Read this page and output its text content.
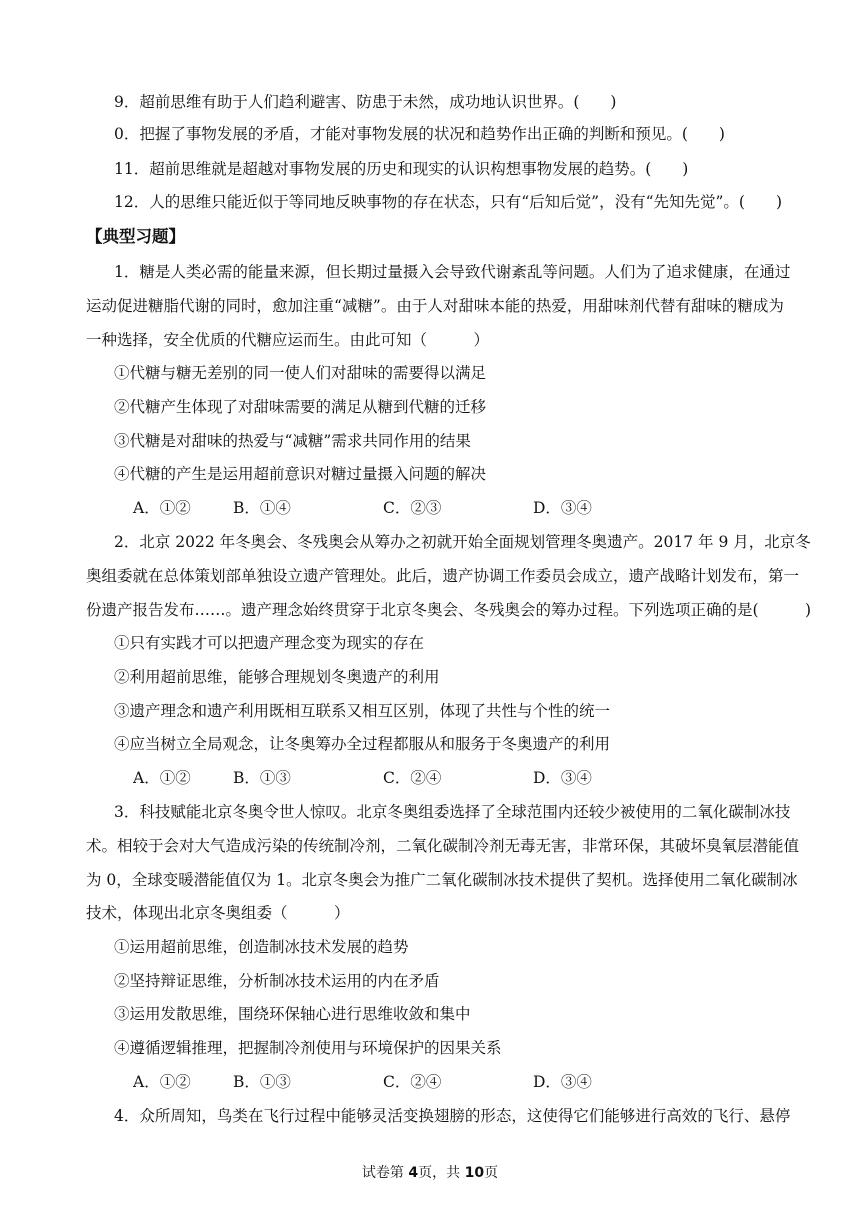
9．超前思维有助于人们趋利避害、防患于未然，成功地认识世界。(　　)
0．把握了事物发展的矛盾，才能对事物发展的状况和趋势作出正确的判断和预见。(　　)
11．超前思维就是超越对事物发展的历史和现实的认识构想事物发展的趋势。(　　)
12．人的思维只能近似于等同地反映事物的存在状态，只有“后知后觉”，没有“先知先觉”。(　　)
【典型习题】
1．糖是人类必需的能量来源，但长期过量摄入会导致代谢紊乱等问题。人们为了追求健康，在通过
运动促进糖脂代谢的同时，愈加注重“减糖”。由于人对甜味本能的热爱，用甜味剂代替有甜味的糖成为
一种选择，安全优质的代糖应运而生。由此可知（　　　）
①代糖与糖无差别的同一使人们对甜味的需要得以满足
②代糖产生体现了对甜味需要的满足从糖到代糖的迁移
③代糖是对甜味的热爱与“减糖”需求共同作用的结果
④代糖的产生是运用超前意识对糖过量摄入问题的解决
A．①②	B．①④	C．②③	D．③④
2．北京 2022 年冬奥会、冬残奥会从筹办之初就开始全面规划管理冬奥遗产。2017 年 9 月，北京冬
奥组委就在总体策划部单独设立遗产管理处。此后，遗产协调工作委员会成立，遗产战略计划发布，第一
份遗产报告发布……。遗产理念始终贯穿于北京冬奥会、冬残奥会的筹办过程。下列选项正确的是(　　　)
①只有实践才可以把遗产理念变为现实的存在
②利用超前思维，能够合理规划冬奥遗产的利用
③遗产理念和遗产利用既相互联系又相互区别，体现了共性与个性的统一
④应当树立全局观念，让冬奥筹办全过程都服从和服务于冬奥遗产的利用
A．①②	B．①③	C．②④	D．③④
3．科技赋能北京冬奥令世人惊叹。北京冬奥组委选择了全球范围内还较少被使用的二氧化碳制冰技
术。相较于会对大气造成污染的传统制冷剂，二氧化碳制冷剂无毒无害，非常环保，其破坏臭氧层潜能值
为 0，全球变暖潜能值仅为 1。北京冬奥会为推广二氧化碳制冰技术提供了契机。选择使用二氧化碳制冰
技术，体现出北京冬奥组委（　　　）
①运用超前思维，创造制冰技术发展的趋势
②坚持辩证思维，分析制冰技术运用的内在矛盾
③运用发散思维，围绕环保轴心进行思维收敛和集中
④遵循逻辑推理，把握制冷剂使用与环境保护的因果关系
A．①②	B．①③	C．②④	D．③④
4．众所周知，鸟类在飞行过程中能够灵活变换翅膀的形态，这使得它们能够进行高效的飞行、悬停
试卷第 4页，共 10页
